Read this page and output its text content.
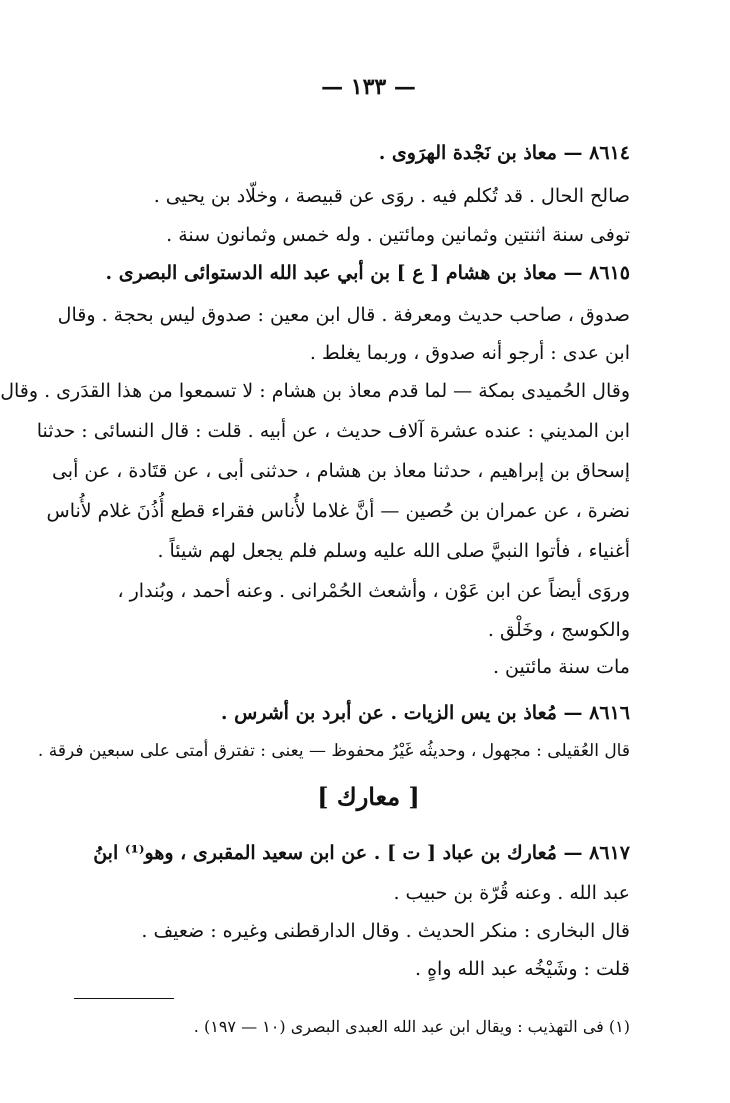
— ١٣٣ —
٨٦١٤ — معاذ بن نَجْدة الهرَوى .
صالح الحال . قد تُكلم فيه . روَى عن قبيصة ، وخلّاد بن يحيى .
توفى سنة اثنتين وثمانين ومائتين . وله خمس وثمانون سنة .
٨٦١٥ — معاذ بن هشام [ ع ] بن أبي عبد الله الدستوائى البصرى .
صدوق ، صاحب حديث ومعرفة . قال ابن معين : صدوق ليس بحجة . وقال
ابن عدى : أرجو أنه صدوق ، وربما يغلط .
وقال الحُميدى بمكة — لما قدم معاذ بن هشام : لا تسمعوا من هذا القدَرى . وقال
ابن المديني : عنده عشرة آلاف حديث ، عن أبيه . قلت : قال النسائى : حدثنا
إسحاق بن إبراهيم ، حدثنا معاذ بن هشام ، حدثنى أبى ، عن قتَادة ، عن أبى
نضرة ، عن عمران بن حُصين — أنَّ غلاما لأُناس فقراء قطع أُذُنَ غلام لأُناس
أغنياء ، فأتوا النبيَّ صلى الله عليه وسلم فلم يجعل لهم شيئاً .
وروَى أيضاً عن ابن عَوْن ، وأشعث الحُمْرانى . وعنه أحمد ، وبُندار ،
والكوسج ، وخَلْق .
مات سنة مائتين .
٨٦١٦ — مُعاذ بن يس الزيات . عن أبرد بن أشرس .
قال العُقيلى : مجهول ، وحديثُه غَيْرُ محفوظ — يعنى : تفترق أمتى على سبعين فرقة .
[ معارك ]
٨٦١٧ — مُعارك بن عباد [ ت ] . عن ابن سعيد المقبرى ، وهو⁽¹⁾ ابنُ
عبد الله . وعنه قُرّة بن حبيب .
قال البخارى : منكر الحديث . وقال الدارقطنى وغيره : ضعيف .
قلت : وشَيْخُه عبد الله واهٍ .
(١) فى التهذيب : ويقال ابن عبد الله العبدى البصرى (١٠ — ١٩٧) .
